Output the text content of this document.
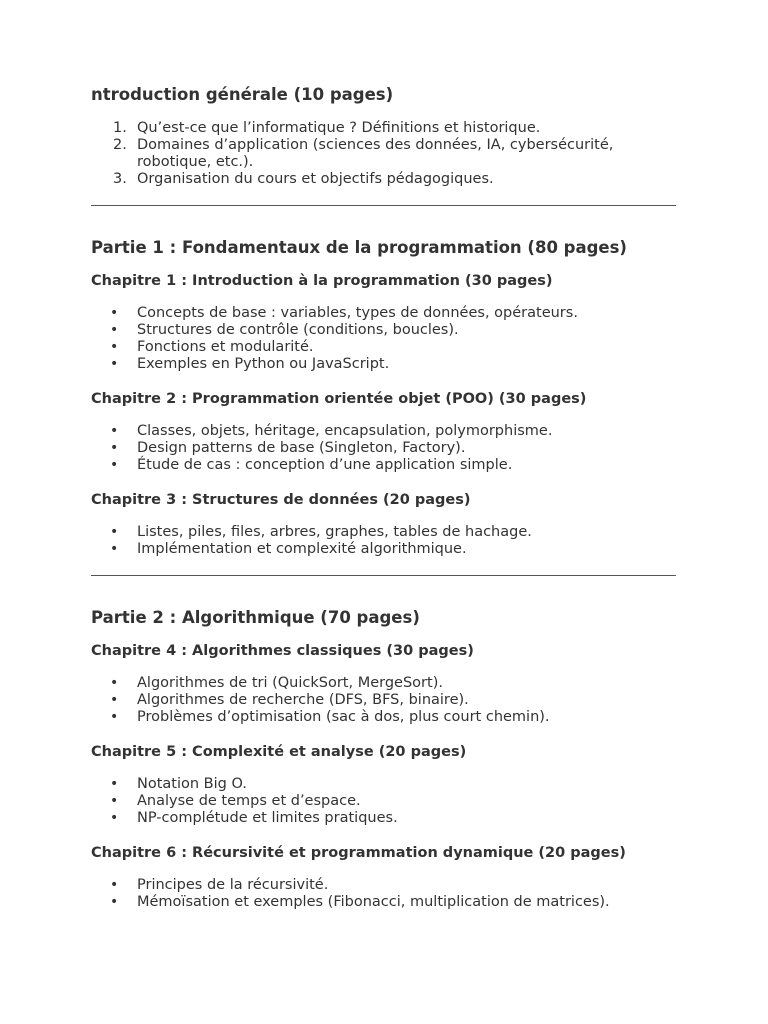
ntroduction générale (10 pages)
1. Qu’est-ce que l’informatique ? Définitions et historique.
2. Domaines d’application (sciences des données, IA, cybersécurité,
robotique, etc.).
3. Organisation du cours et objectifs pédagogiques.
Partie 1 : Fondamentaux de la programmation (80 pages)
Chapitre 1 : Introduction à la programmation (30 pages)
• Concepts de base : variables, types de données, opérateurs.
• Structures de contrôle (conditions, boucles).
• Fonctions et modularité.
• Exemples en Python ou JavaScript.
Chapitre 2 : Programmation orientée objet (POO) (30 pages)
• Classes, objets, héritage, encapsulation, polymorphisme.
• Design patterns de base (Singleton, Factory).
• Étude de cas : conception d’une application simple.
Chapitre 3 : Structures de données (20 pages)
• Listes, piles, files, arbres, graphes, tables de hachage.
• Implémentation et complexité algorithmique.
Partie 2 : Algorithmique (70 pages)
Chapitre 4 : Algorithmes classiques (30 pages)
• Algorithmes de tri (QuickSort, MergeSort).
• Algorithmes de recherche (DFS, BFS, binaire).
• Problèmes d’optimisation (sac à dos, plus court chemin).
Chapitre 5 : Complexité et analyse (20 pages)
• Notation Big O.
• Analyse de temps et d’espace.
• NP-complétude et limites pratiques.
Chapitre 6 : Récursivité et programmation dynamique (20 pages)
• Principes de la récursivité.
• Mémoïsation et exemples (Fibonacci, multiplication de matrices).
